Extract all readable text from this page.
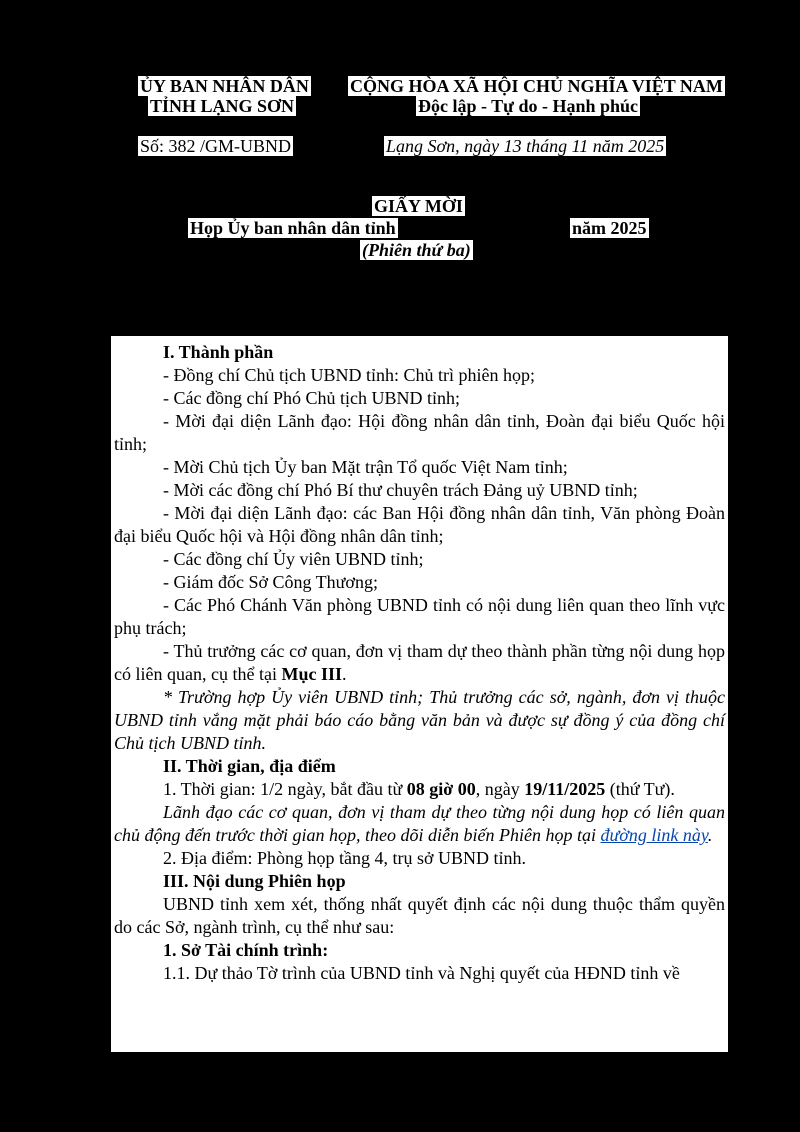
ỦY BAN NHÂN DÂN
TỈNH LẠNG SƠN
CỘNG HÒA XÃ HỘI CHỦ NGHĨA VIỆT NAM
Độc lập - Tự do - Hạnh phúc
Số: 382 /GM-UBND	Lạng Sơn, ngày 13 tháng 11 năm 2025
GIẤY MỜI
Họp Ủy ban nhân dân tỉnh	năm 2025
(Phiên thứ ba)

I. Thành phần

- Đồng chí Chủ tịch UBND tỉnh: Chủ trì phiên họp;

- Các đồng chí Phó Chủ tịch UBND tỉnh;

- Mời đại diện Lãnh đạo: Hội đồng nhân dân tỉnh, Đoàn đại biểu Quốc hội tỉnh;

- Mời Chủ tịch Ủy ban Mặt trận Tổ quốc Việt Nam tỉnh;

- Mời các đồng chí Phó Bí thư chuyên trách Đảng uỷ UBND tỉnh;

- Mời đại diện Lãnh đạo: các Ban Hội đồng nhân dân tỉnh, Văn phòng Đoàn đại biểu Quốc hội và Hội đồng nhân dân tỉnh;

- Các đồng chí Ủy viên UBND tỉnh;

- Giám đốc Sở Công Thương;

- Các Phó Chánh Văn phòng UBND tỉnh có nội dung liên quan theo lĩnh vực phụ trách;

- Thủ trưởng các cơ quan, đơn vị tham dự theo thành phần từng nội dung họp có liên quan, cụ thể tại Mục III.

* Trường hợp Ủy viên UBND tỉnh; Thủ trưởng các sở, ngành, đơn vị thuộc UBND tỉnh vắng mặt phải báo cáo bằng văn bản và được sự đồng ý của đồng chí Chủ tịch UBND tỉnh.

II. Thời gian, địa điểm

1. Thời gian: 1/2 ngày, bắt đầu từ 08 giờ 00, ngày 19/11/2025 (thứ Tư).

Lãnh đạo các cơ quan, đơn vị tham dự theo từng nội dung họp có liên quan chủ động đến trước thời gian họp, theo dõi diễn biến Phiên họp tại đường link này.

2. Địa điểm: Phòng họp tầng 4, trụ sở UBND tỉnh.

III. Nội dung Phiên họp

UBND tỉnh xem xét, thống nhất quyết định các nội dung thuộc thẩm quyền do các Sở, ngành trình, cụ thể như sau:

1. Sở Tài chính trình:

1.1. Dự thảo Tờ trình của UBND tỉnh và Nghị quyết của HĐND tỉnh về
